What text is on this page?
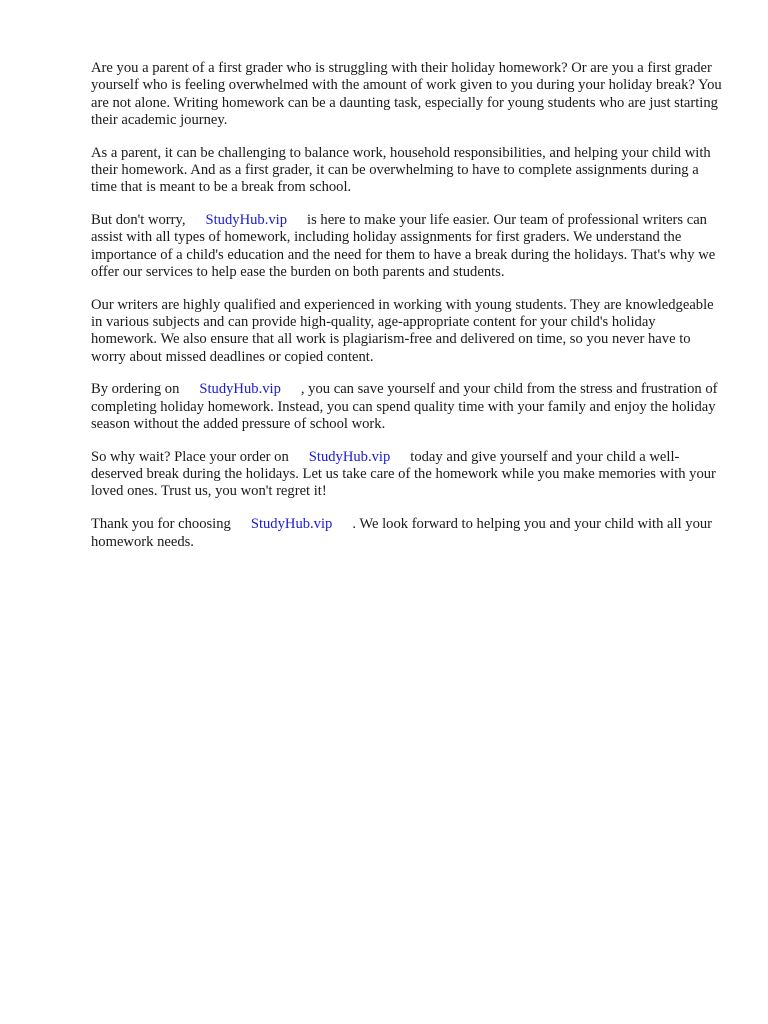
Are you a parent of a first grader who is struggling with their holiday homework? Or are you a first grader yourself who is feeling overwhelmed with the amount of work given to you during your holiday break? You are not alone. Writing homework can be a daunting task, especially for young students who are just starting their academic journey.

As a parent, it can be challenging to balance work, household responsibilities, and helping your child with their homework. And as a first grader, it can be overwhelming to have to complete assignments during a time that is meant to be a break from school.

But don't worry, StudyHub.vip is here to make your life easier. Our team of professional writers can assist with all types of homework, including holiday assignments for first graders. We understand the importance of a child's education and the need for them to have a break during the holidays. That's why we offer our services to help ease the burden on both parents and students.

Our writers are highly qualified and experienced in working with young students. They are knowledgeable in various subjects and can provide high-quality, age-appropriate content for your child's holiday homework. We also ensure that all work is plagiarism-free and delivered on time, so you never have to worry about missed deadlines or copied content.

By ordering on StudyHub.vip , you can save yourself and your child from the stress and frustration of completing holiday homework. Instead, you can spend quality time with your family and enjoy the holiday season without the added pressure of school work.

So why wait? Place your order on StudyHub.vip today and give yourself and your child a well-deserved break during the holidays. Let us take care of the homework while you make memories with your loved ones. Trust us, you won't regret it!

Thank you for choosing StudyHub.vip . We look forward to helping you and your child with all your homework needs.
